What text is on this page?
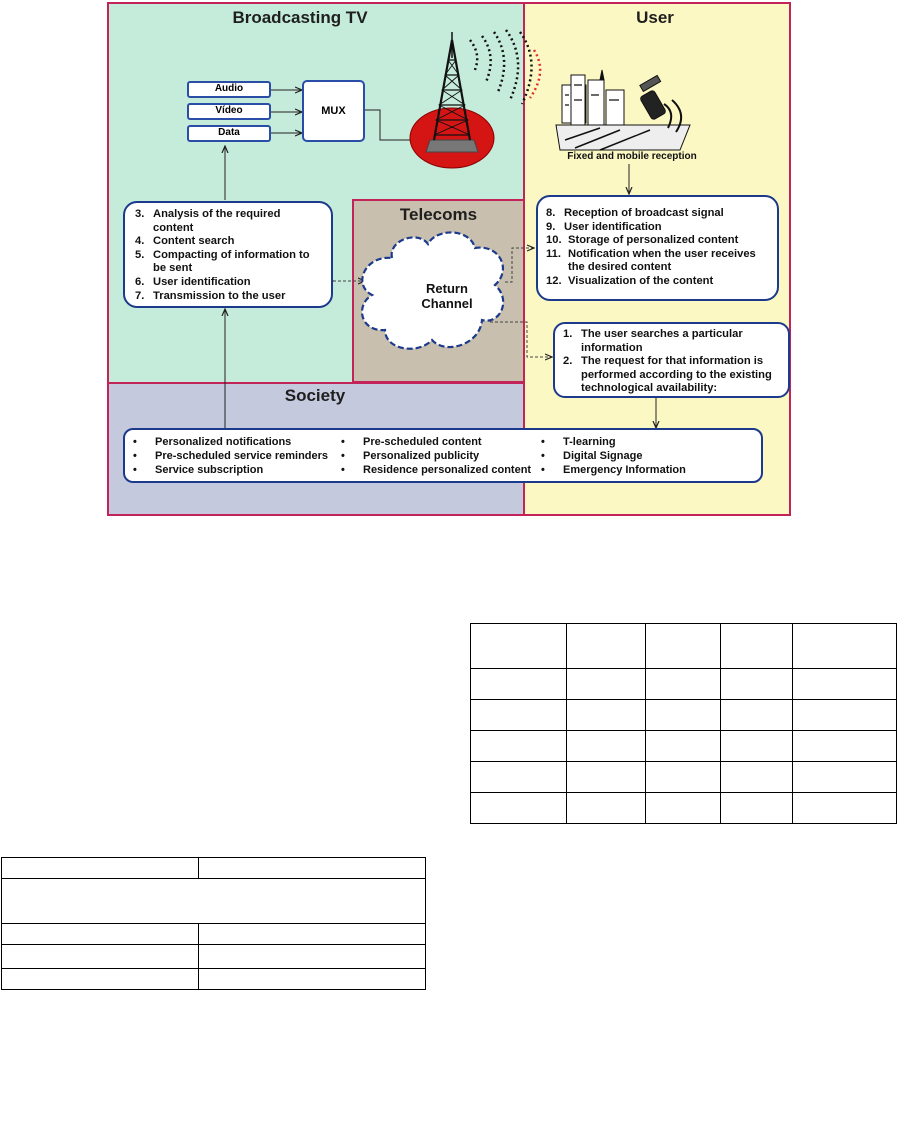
Broadcasting TV	User
Telecoms
Society
Audio
Vídeo
Data
MUX
Fixed and mobile reception
3. Analysis of the required content
4. Content search
5. Compacting of information to be sent
6. User identification
7. Transmission to the user
8. Reception of broadcast signal
9. User identification
10. Storage of personalized content
11. Notification when the user receives the desired content
12. Visualization of the content
1. The user searches a particular information
2. The request for that information is performed according to the existing technological availability:
Return
Channel
• Personalized notifications
• Pre-scheduled service reminders
• Service subscription
• Pre-scheduled content
• Personalized publicity
• Residence personalized content
• T-learning
• Digital Signage
• Emergency Information
